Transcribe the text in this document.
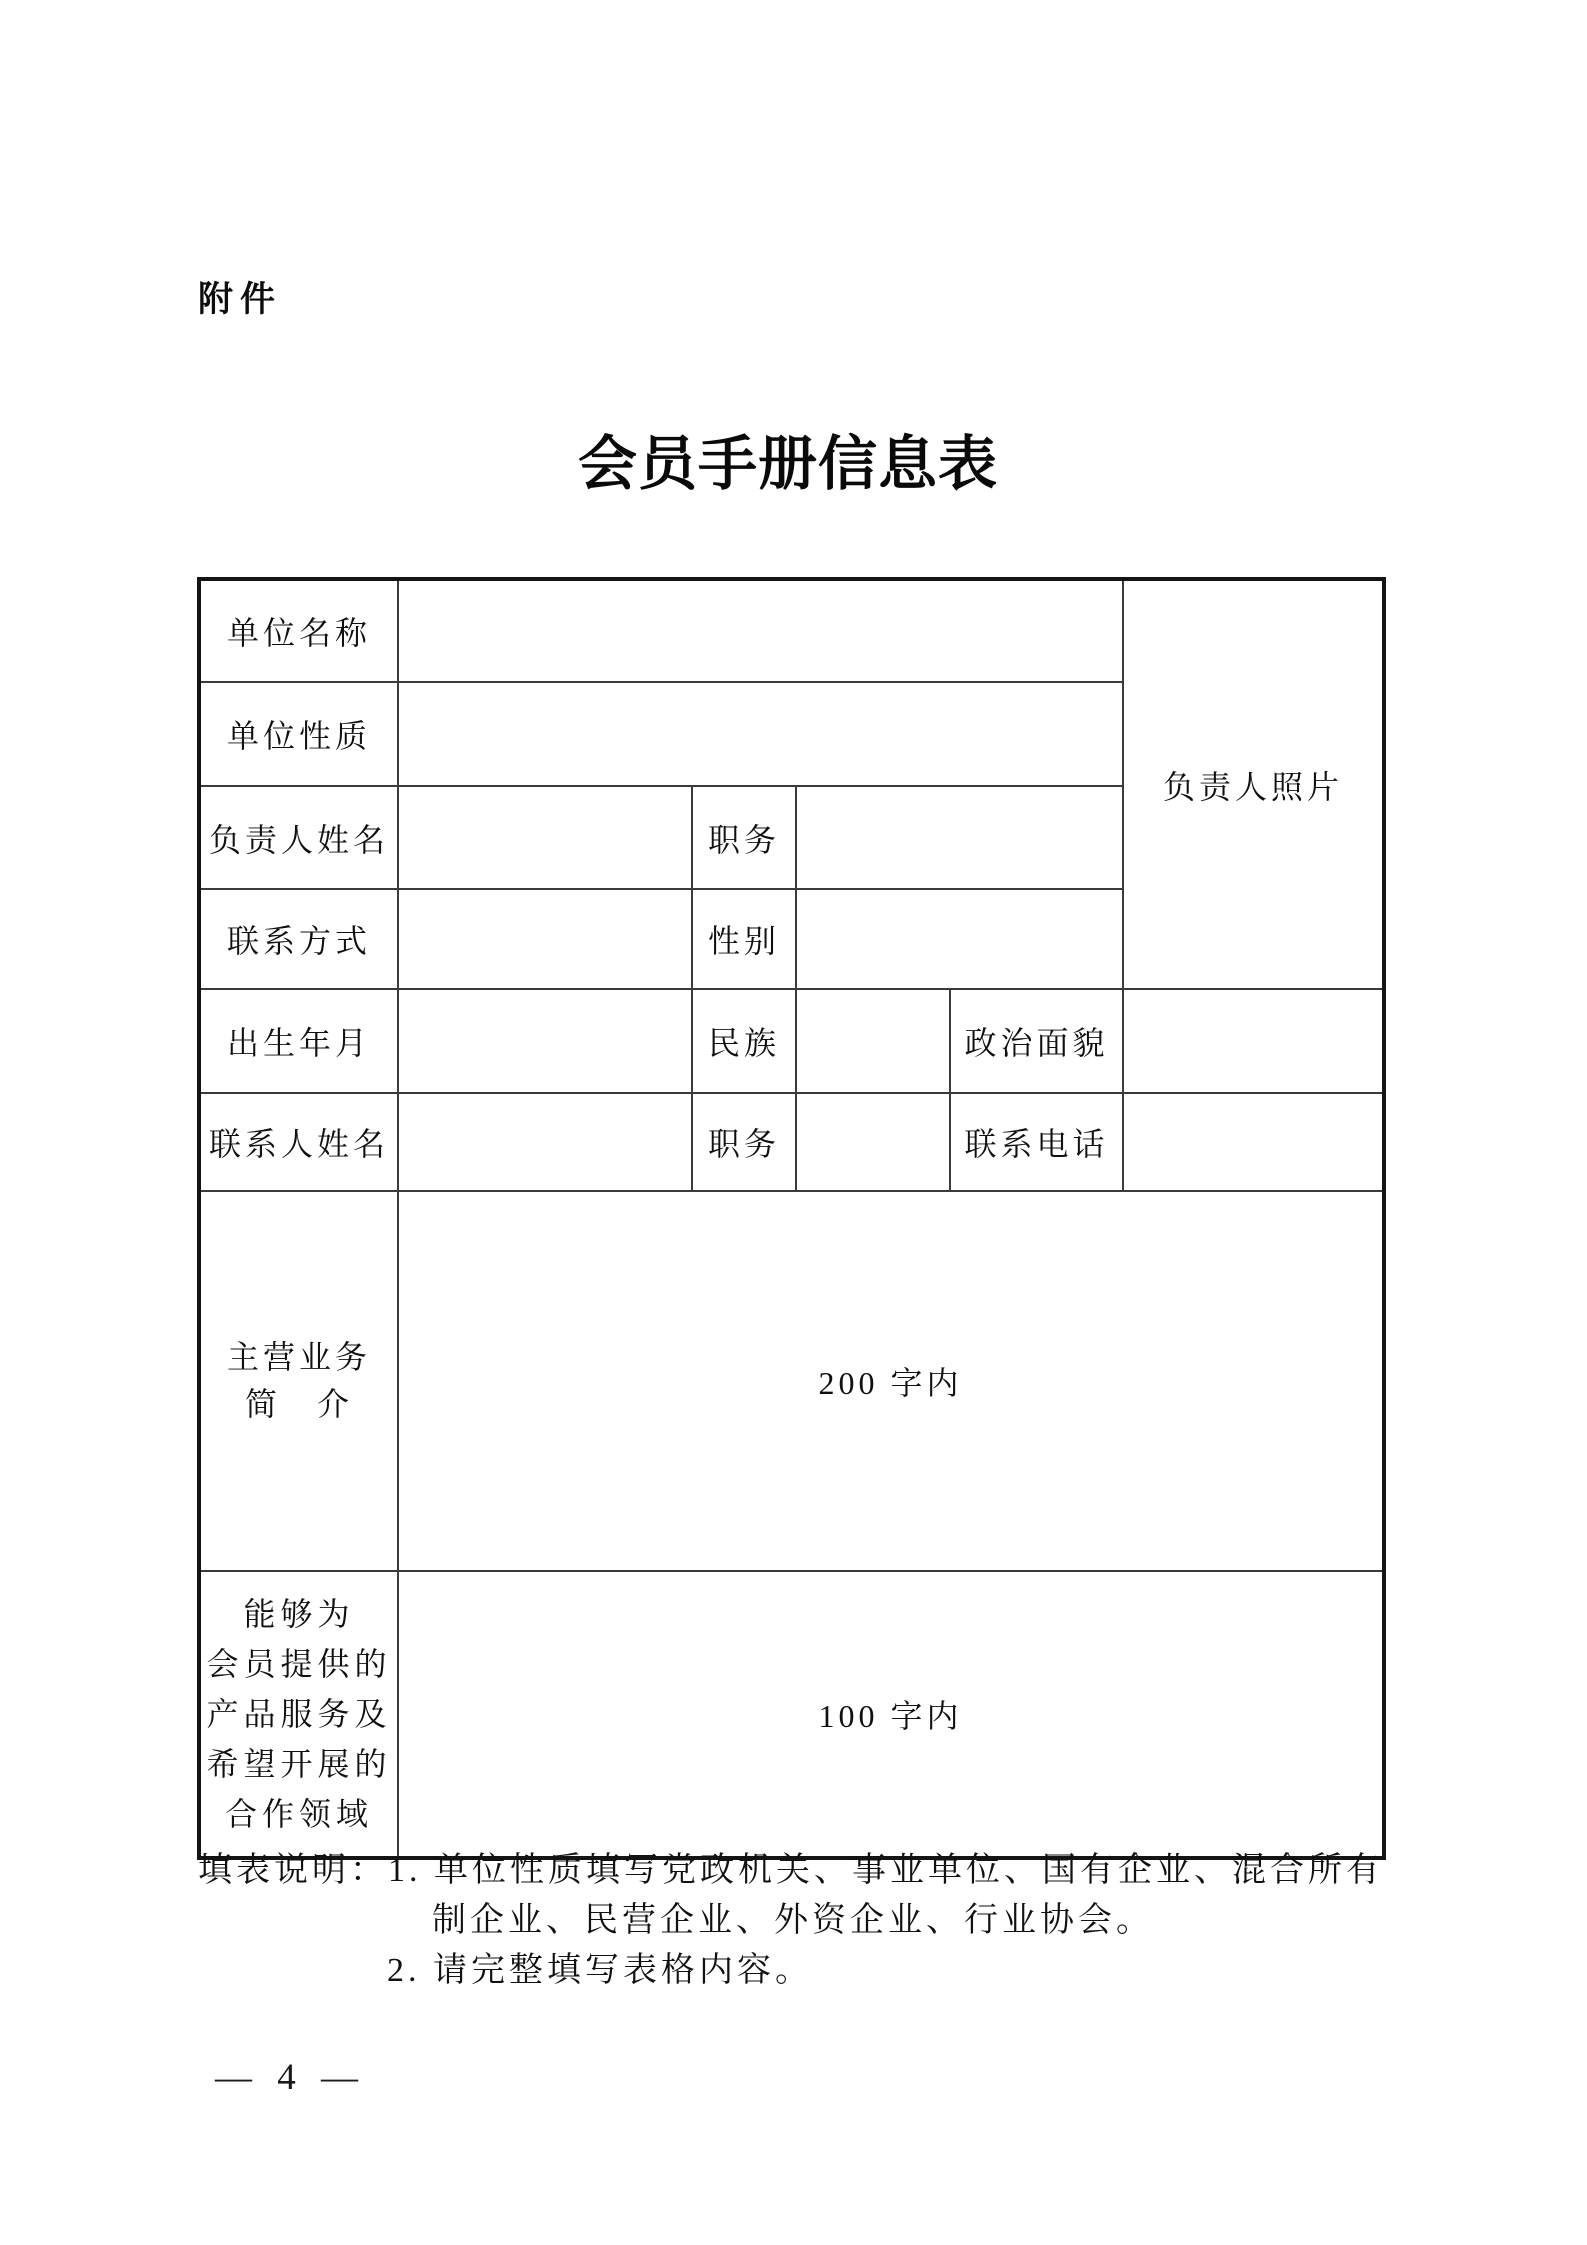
附件
会员手册信息表
单位名称					负责人照片
单位性质					
负责人姓名		职务			
联系方式		性别			
出生年月		民族		政治面貌	
联系人姓名		职务		联系电话	

主营业务
简　介	200 字内				

能够为
会员提供的
产品服务及
希望开展的
合作领域	100 字内				
填表说明：1. 单位性质填写党政机关、事业单位、国有企业、混合所有
制企业、民营企业、外资企业、行业协会。
2. 请完整填写表格内容。
— 4 —
